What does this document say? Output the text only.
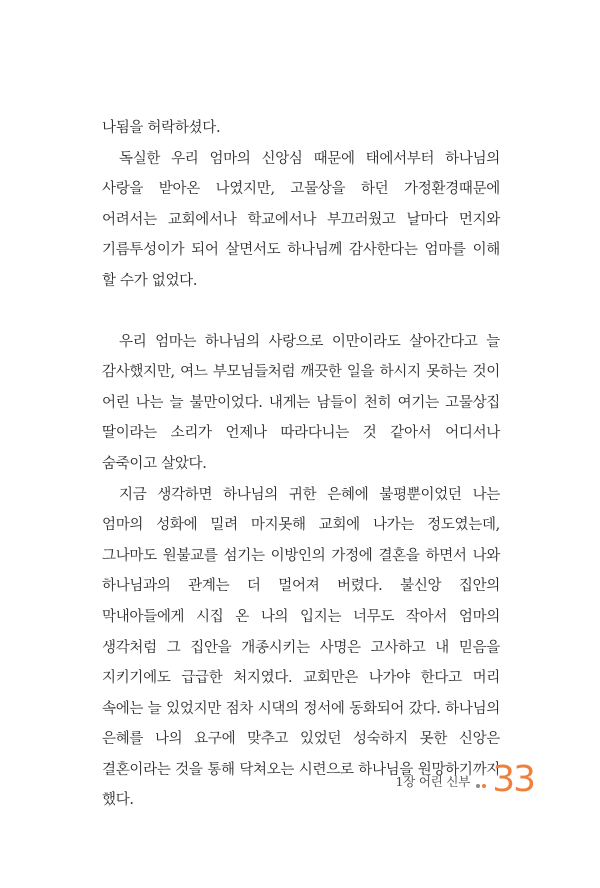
나됨을 허락하셨다.

독실한 우리 엄마의 신앙심 때문에 태에서부터 하나님의 사랑을 받아온 나였지만, 고물상을 하던 가정환경때문에 어려서는 교회에서나 학교에서나 부끄러웠고 날마다 먼지와 기름투성이가 되어 살면서도 하나님께 감사한다는 엄마를 이해 할 수가 없었다.

우리 엄마는 하나님의 사랑으로 이만이라도 살아간다고 늘 감사했지만, 여느 부모님들처럼 깨끗한 일을 하시지 못하는 것이 어린 나는 늘 불만이었다. 내게는 남들이 천히 여기는 고물상집 딸이라는 소리가 언제나 따라다니는 것 같아서 어디서나 숨죽이고 살았다.

지금 생각하면 하나님의 귀한 은혜에 불평뿐이었던 나는 엄마의 성화에 밀려 마지못해 교회에 나가는 정도였는데, 그나마도 원불교를 섬기는 이방인의 가정에 결혼을 하면서 나와 하나님과의 관계는 더 멀어져 버렸다. 불신앙 집안의 막내아들에게 시집 온 나의 입지는 너무도 작아서 엄마의 생각처럼 그 집안을 개종시키는 사명은 고사하고 내 믿음을 지키기에도 급급한 처지였다. 교회만은 나가야 한다고 머리 속에는 늘 있었지만 점차 시댁의 정서에 동화되어 갔다. 하나님의 은혜를 나의 요구에 맞추고 있었던 성숙하지 못한 신앙은 결혼이라는 것을 통해 닥쳐오는 시련으로 하나님을 원망하기까지 했다.

1장 어린 신부 33
